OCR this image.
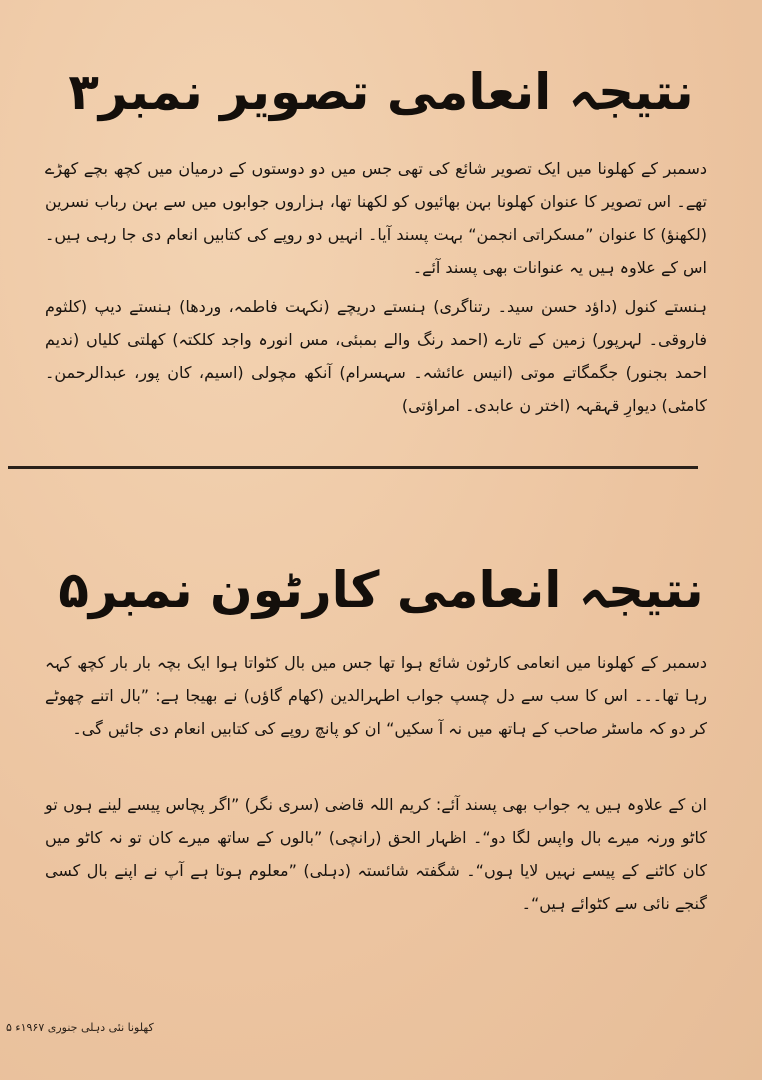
نتیجہ انعامی تصویر نمبر۳
دسمبر کے کھلونا میں ایک تصویر شائع کی تھی جس میں دو دوستوں کے درمیان میں کچھ بچے کھڑے تھے۔ اس تصویر کا عنوان کھلونا بہن بھائیوں کو لکھنا تھا، ہزاروں جوابوں میں سے بہن رباب نسرین (لکھنؤ) کا عنوان ”مسکراتی انجمن“ بہت پسند آیا۔ انہیں دو روپے کی کتابیں انعام دی جا رہی ہیں۔ اس کے علاوہ ہیں یہ عنوانات بھی پسند آئے۔
ہنستے کنول (داؤد حسن سید۔ رتناگری) ہنستے دریچے (نکہت فاطمہ، وردھا) ہنستے دیپ (کلثوم فاروقی۔ لہرپور) زمین کے تارے (احمد رنگ والے بمبئی، مس انورہ واجد کلکتہ) کھلتی کلیاں (ندیم احمد بجنور) جگمگاتے موتی (انیس عائشہ۔ سہسرام) آنکھ مچولی (اسیم، کان پور، عبدالرحمن۔ کامٹی) دیوارِ قہقہہ (اختر ن عابدی۔ امراؤتی)
نتیجہ انعامی کارٹون نمبر۵
دسمبر کے کھلونا میں انعامی کارٹون شائع ہوا تھا جس میں بال کٹواتا ہوا ایک بچہ بار بار کچھ کہہ رہا تھا۔۔۔ اس کا سب سے دل چسپ جواب اطہرالدین (کھام گاؤں) نے بھیجا ہے: ”بال اتنے چھوٹے کر دو کہ ماسٹر صاحب کے ہاتھ میں نہ آ سکیں“ ان کو پانچ روپے کی کتابیں انعام دی جائیں گی۔
ان کے علاوہ ہیں یہ جواب بھی پسند آئے: کریم اللہ قاضی (سری نگر) ”اگر پچاس پیسے لینے ہوں تو کاٹو ورنہ میرے بال واپس لگا دو“۔ اظہار الحق (رانچی) ”بالوں کے ساتھ میرے کان تو نہ کاٹو میں کان کاٹنے کے پیسے نہیں لایا ہوں“۔ شگفتہ شائستہ (دہلی) ”معلوم ہوتا ہے آپ نے اپنے بال کسی گنجے نائی سے کٹوائے ہیں“۔
کھلونا نئی دہلی جنوری ۱۹۶۷ء ۵
